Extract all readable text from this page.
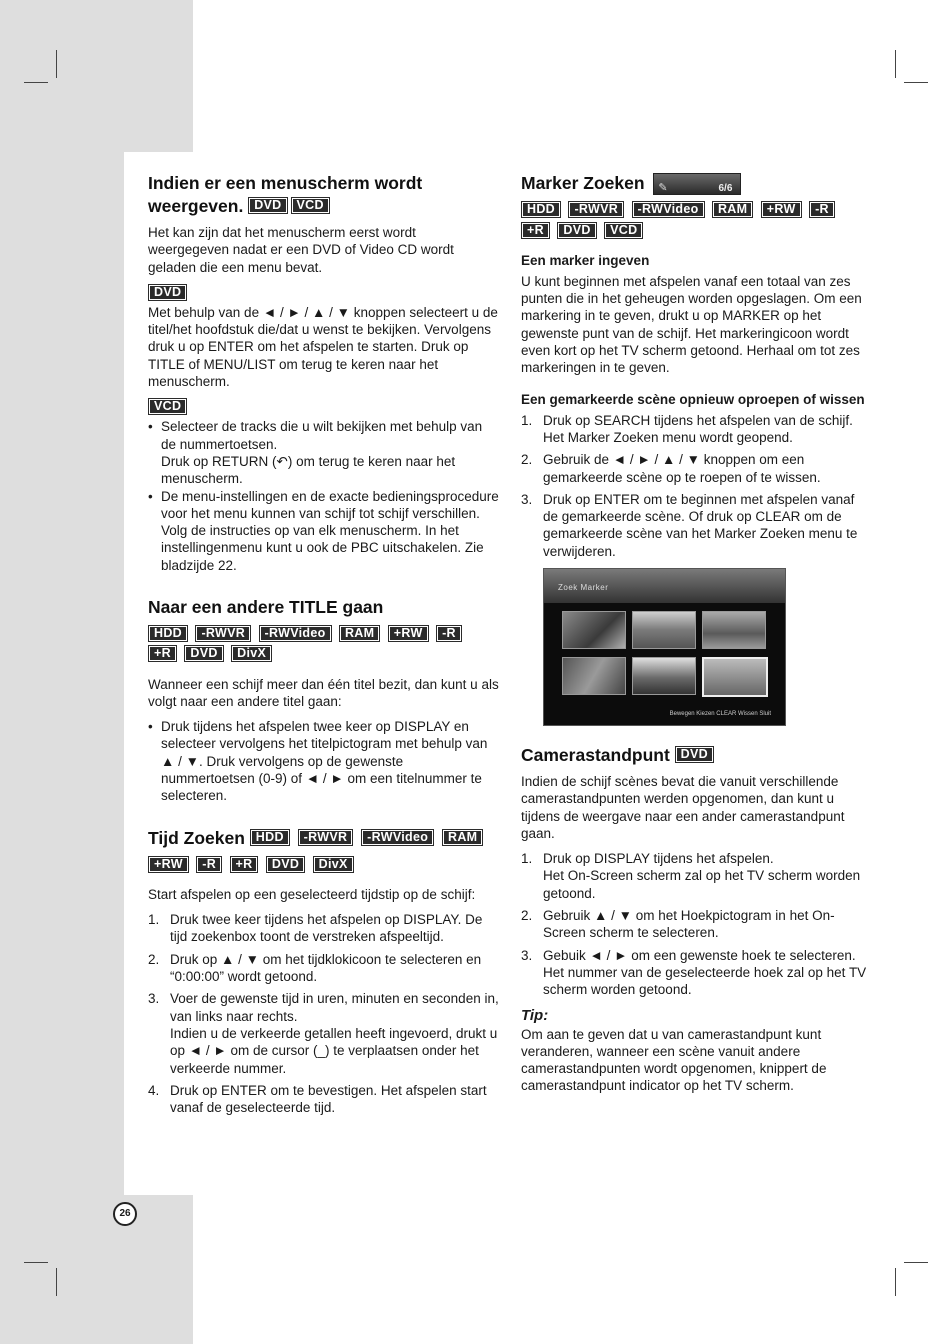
Indien er een menuscherm wordt
weergeven. DVD VCD

Het kan zijn dat het menuscherm eerst wordt weergegeven nadat er een DVD of Video CD wordt geladen die een menu bevat.

DVD

Met behulp van de ◄ / ► / ▲ / ▼ knoppen selecteert u de titel/het hoofdstuk die/dat u wenst te bekijken. Vervolgens druk u op ENTER om het afspelen te starten. Druk op TITLE of MENU/LIST om terug te keren naar het menuscherm.

VCD
• Selecteer de tracks die u wilt bekijken met behulp van de nummertoetsen.
Druk op RETURN (↶) om terug te keren naar het menuscherm.
• De menu-instellingen en de exacte bedieningsprocedure voor het menu kunnen van schijf tot schijf verschillen. Volg de instructies op van elk menuscherm. In het instellingenmenu kunt u ook de PBC uitschakelen. Zie bladzijde 22.
Naar een andere TITLE gaan
HDD -RWVR -RWVideo RAM +RW -R
+R DVD DivX

Wanneer een schijf meer dan één titel bezit, dan kunt u als volgt naar een andere titel gaan:

• Druk tijdens het afspelen twee keer op DISPLAY en selecteer vervolgens het titelpictogram met behulp van ▲ / ▼. Druk vervolgens op de gewenste nummertoetsen (0-9) of ◄ / ► om een titelnummer te selecteren.
Tijd Zoeken HDD -RWVR -RWVideo RAM
+RW -R +R DVD DivX

Start afspelen op een geselecteerd tijdstip op de schijf:

1. Druk twee keer tijdens het afspelen op DISPLAY. De tijd zoekenbox toont de verstreken afspeeltijd.
2. Druk op ▲ / ▼ om het tijdklokicoon te selecteren en “0:00:00” wordt getoond.
3. Voer de gewenste tijd in uren, minuten en seconden in, van links naar rechts.
Indien u de verkeerde getallen heeft ingevoerd, drukt u op ◄ / ► om de cursor (_) te verplaatsen onder het verkeerde nummer.
4. Druk op ENTER om te bevestigen. Het afspelen start vanaf de geselecteerde tijd.
Marker Zoeken ✎	6/6
HDD -RWVR -RWVideo RAM +RW -R
+R DVD VCD
Een marker ingeven

U kunt beginnen met afspelen vanaf een totaal van zes punten die in het geheugen worden opgeslagen. Om een markering in te geven, drukt u op MARKER op het gewenste punt van de schijf. Het markeringicoon wordt even kort op het TV scherm getoond. Herhaal om tot zes markeringen in te geven.

Een gemarkeerde scène opnieuw oproepen of wissen
1. Druk op SEARCH tijdens het afspelen van de schijf. Het Marker Zoeken menu wordt geopend.
2. Gebruik de ◄ / ► / ▲ / ▼ knoppen om een gemarkeerde scène op te roepen of te wissen.
3. Druk op ENTER om te beginnen met afspelen vanaf de gemarkeerde scène. Of druk op CLEAR om de gemarkeerde scène van het Marker Zoeken menu te verwijderen.
Zoek Marker
Bewegen Kiezen CLEAR Wissen Sluit
Camerastandpunt DVD

Indien de schijf scènes bevat die vanuit verschillende camerastandpunten werden opgenomen, dan kunt u tijdens de weergave naar een ander camerastandpunt gaan.

1. Druk op DISPLAY tijdens het afspelen.
Het On-Screen scherm zal op het TV scherm worden getoond.
2. Gebruik ▲ / ▼ om het Hoekpictogram in het On-Screen scherm te selecteren.
3. Gebuik ◄ / ► om een gewenste hoek te selecteren. Het nummer van de geselecteerde hoek zal op het TV scherm worden getoond.
Tip:

Om aan te geven dat u van camerastandpunt kunt veranderen, wanneer een scène vanuit andere camerastandpunten wordt opgenomen, knippert de camerastandpunt indicator op het TV scherm.

26
